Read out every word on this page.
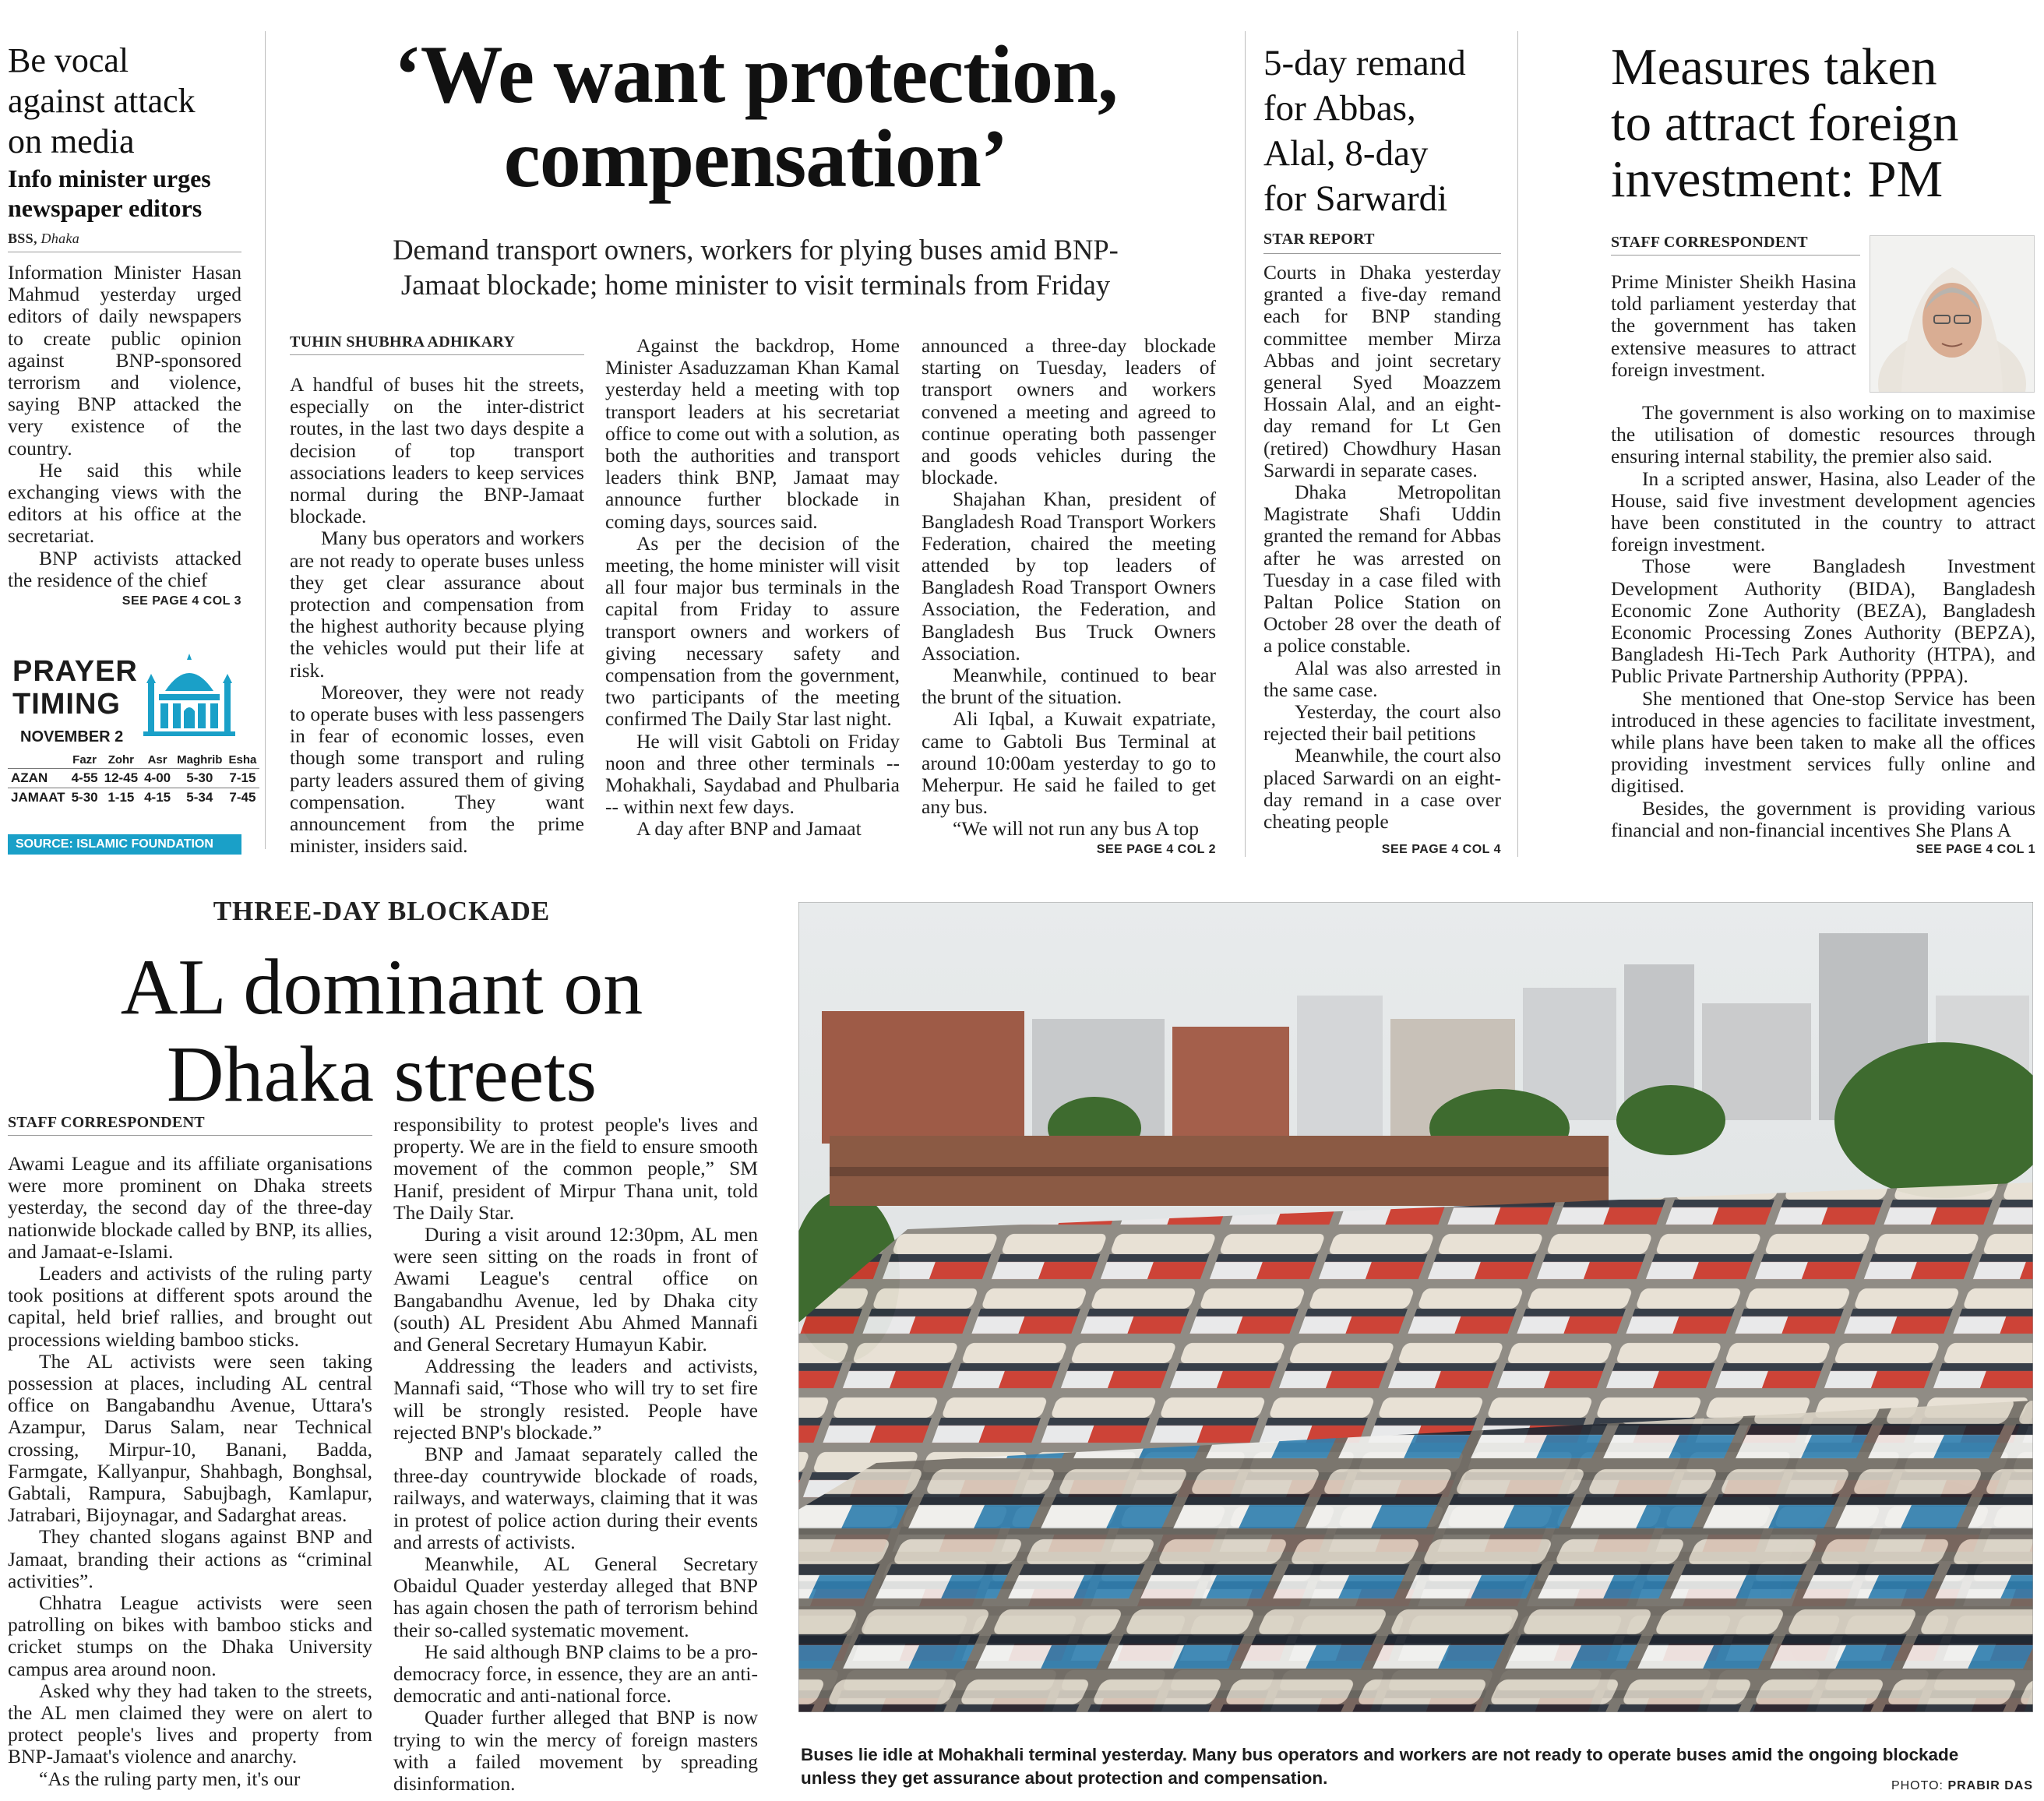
Be vocal
against attack
on media
Info minister urges
newspaper editors
BSS, Dhaka

Information Minister Hasan Mahmud yesterday urged editors of daily newspapers to create public opinion against BNP-sponsored terrorism and violence, saying BNP attacked the very existence of the country.

He said this while exchanging views with the editors at his office at the secretariat.

BNP activists attacked the residence of the chief

SEE PAGE 4 COL 3
PRAYER
TIMING
NOVEMBER 2
	Fazr	Zohr	Asr	Maghrib	Esha
AZAN	4-55	12-45	4-00	5-30	7-15
JAMAAT	5-30	1-15	4-15	5-34	7-45
SOURCE: ISLAMIC FOUNDATION
‘We want protection,
compensation’
Demand transport owners, workers for plying buses amid BNP-
Jamaat blockade; home minister to visit terminals from Friday
TUHIN SHUBHRA ADHIKARY

A handful of buses hit the streets, especially on the inter-district routes, in the last two days despite a decision of top transport associations leaders to keep services normal during the BNP-Jamaat blockade.

Many bus operators and workers are not ready to operate buses unless they get clear assurance about protection and compensation from the highest authority because plying the vehicles would put their life at risk.

Moreover, they were not ready to operate buses with less passengers in fear of economic losses, even though some transport and ruling party leaders assured them of giving compensation. They want announcement from the prime minister, insiders said.

Against the backdrop, Home Minister Asaduzzaman Khan Kamal yesterday held a meeting with top transport leaders at his secretariat office to come out with a solution, as both the authorities and transport leaders think BNP, Jamaat may announce further blockade in coming days, sources said.

As per the decision of the meeting, the home minister will visit all four major bus terminals in the capital from Friday to assure transport owners and workers of giving necessary safety and compensation from the government, two participants of the meeting confirmed The Daily Star last night.

He will visit Gabtoli on Friday noon and three other terminals -- Mohakhali, Saydabad and Phulbaria -- within next few days.

A day after BNP and Jamaat

announced a three-day blockade starting on Tuesday, leaders of transport owners and workers convened a meeting and agreed to continue operating both passenger and goods vehicles during the blockade.

Shajahan Khan, president of Bangladesh Road Transport Workers Federation, chaired the meeting attended by top leaders of Bangladesh Road Transport Owners Association, the Federation, and Bangladesh Bus Truck Owners Association.

Meanwhile, continued to bear the brunt of the situation.

Ali Iqbal, a Kuwait expatriate, came to Gabtoli Bus Terminal at around 10:00am yesterday to go to Meherpur. He said he failed to get any bus.

“We will not run any bus A top

SEE PAGE 4 COL 2
5-day remand
for Abbas,
Alal, 8-day
for Sarwardi
STAR REPORT

Courts in Dhaka yesterday granted a five-day remand each for BNP standing committee member Mirza Abbas and joint secretary general Syed Moazzem Hossain Alal, and an eight-day remand for Lt Gen (retired) Chowdhury Hasan Sarwardi in separate cases.

Dhaka Metropolitan Magistrate Shafi Uddin granted the remand for Abbas after he was arrested on Tuesday in a case filed with Paltan Police Station on October 28 over the death of a police constable.

Alal was also arrested in the same case.

Yesterday, the court also rejected their bail petitions

Meanwhile, the court also placed Sarwardi on an eight-day remand in a case over cheating people

SEE PAGE 4 COL 4
Measures taken
to attract foreign
investment: PM
STAFF CORRESPONDENT
Prime Minister Sheikh Hasina told parliament yesterday that the government has taken extensive measures to attract foreign investment.

The government is also working on to maximise the utilisation of domestic resources through ensuring internal stability, the premier also said.

In a scripted answer, Hasina, also Leader of the House, said five investment development agencies have been constituted in the country to attract foreign investment.

Those were Bangladesh Investment Development Authority (BIDA), Bangladesh Economic Zone Authority (BEZA), Bangladesh Economic Processing Zones Authority (BEPZA), Bangladesh Hi-Tech Park Authority (HTPA), and Public Private Partnership Authority (PPPA).

She mentioned that One-stop Service has been introduced in these agencies to facilitate investment, while plans have been taken to make all the offices providing investment services fully online and digitised.

Besides, the government is providing various financial and non-financial incentives She Plans A

SEE PAGE 4 COL 1
THREE-DAY BLOCKADE
AL dominant on
Dhaka streets
STAFF CORRESPONDENT

Awami League and its affiliate organisations were more prominent on Dhaka streets yesterday, the second day of the three-day nationwide blockade called by BNP, its allies, and Jamaat-e-Islami.

Leaders and activists of the ruling party took positions at different spots around the capital, held brief rallies, and brought out processions wielding bamboo sticks.

The AL activists were seen taking possession at places, including AL central office on Bangabandhu Avenue, Uttara's Azampur, Darus Salam, near Technical crossing, Mirpur-10, Banani, Badda, Farmgate, Kallyanpur, Shahbagh, Bonghsal, Gabtali, Rampura, Sabujbagh, Kamlapur, Jatrabari, Bijoynagar, and Sadarghat areas.

They chanted slogans against BNP and Jamaat, branding their actions as “criminal activities”.

Chhatra League activists were seen patrolling on bikes with bamboo sticks and cricket stumps on the Dhaka University campus area around noon.

Asked why they had taken to the streets, the AL men claimed they were on alert to protect people's lives and property from BNP-Jamaat's violence and anarchy.

“As the ruling party men, it's our

responsibility to protest people's lives and property. We are in the field to ensure smooth movement of the common people,” SM Hanif, president of Mirpur Thana unit, told The Daily Star.

During a visit around 12:30pm, AL men were seen sitting on the roads in front of Awami League's central office on Bangabandhu Avenue, led by Dhaka city (south) AL President Abu Ahmed Mannafi and General Secretary Humayun Kabir.

Addressing the leaders and activists, Mannafi said, “Those who will try to set fire will be strongly resisted. People have rejected BNP's blockade.”

BNP and Jamaat separately called the three-day countrywide blockade of roads, railways, and waterways, claiming that it was in protest of police action during their events and arrests of activists.

Meanwhile, AL General Secretary Obaidul Quader yesterday alleged that BNP has again chosen the path of terrorism behind their so-called systematic movement.

He said although BNP claims to be a pro-democracy force, in essence, they are an anti-democratic and anti-national force.

Quader further alleged that BNP is now trying to win the mercy of foreign masters with a failed movement by spreading disinformation.

Buses lie idle at Mohakhali terminal yesterday. Many bus operators and workers are not ready to operate buses amid the ongoing blockade
unless they get assurance about protection and compensation.	PHOTO: PRABIR DAS
